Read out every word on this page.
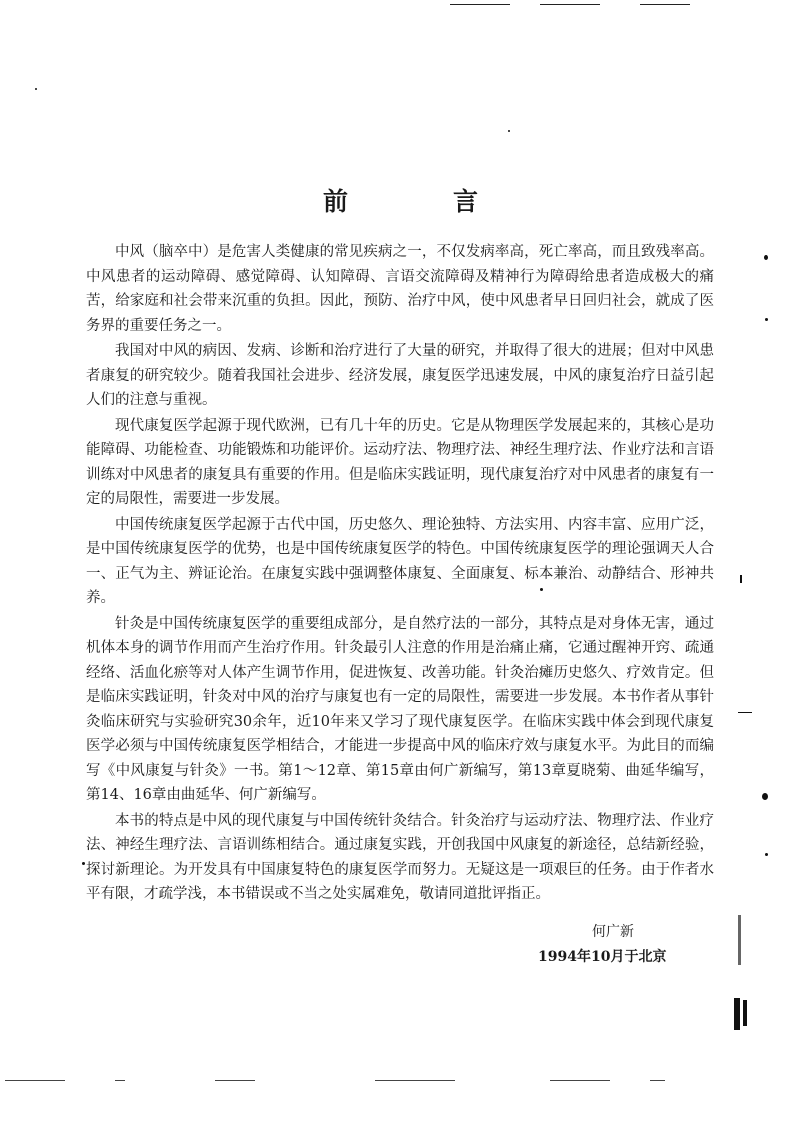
前　言

中风（脑卒中）是危害人类健康的常见疾病之一，不仅发病率高，死亡率高，而且致残率高。中风患者的运动障碍、感觉障碍、认知障碍、言语交流障碍及精神行为障碍给患者造成极大的痛苦，给家庭和社会带来沉重的负担。因此，预防、治疗中风，使中风患者早日回归社会，就成了医务界的重要任务之一。

我国对中风的病因、发病、诊断和治疗进行了大量的研究，并取得了很大的进展；但对中风患者康复的研究较少。随着我国社会进步、经济发展，康复医学迅速发展，中风的康复治疗日益引起人们的注意与重视。

现代康复医学起源于现代欧洲，已有几十年的历史。它是从物理医学发展起来的，其核心是功能障碍、功能检查、功能锻炼和功能评价。运动疗法、物理疗法、神经生理疗法、作业疗法和言语训练对中风患者的康复具有重要的作用。但是临床实践证明，现代康复治疗对中风患者的康复有一定的局限性，需要进一步发展。

中国传统康复医学起源于古代中国，历史悠久、理论独特、方法实用、内容丰富、应用广泛，是中国传统康复医学的优势，也是中国传统康复医学的特色。中国传统康复医学的理论强调天人合一、正气为主、辨证论治。在康复实践中强调整体康复、全面康复、标本兼治、动静结合、形神共养。

针灸是中国传统康复医学的重要组成部分，是自然疗法的一部分，其特点是对身体无害，通过机体本身的调节作用而产生治疗作用。针灸最引人注意的作用是治痛止痛，它通过醒神开窍、疏通经络、活血化瘀等对人体产生调节作用，促进恢复、改善功能。针灸治瘫历史悠久、疗效肯定。但是临床实践证明，针灸对中风的治疗与康复也有一定的局限性，需要进一步发展。本书作者从事针灸临床研究与实验研究30余年，近10年来又学习了现代康复医学。在临床实践中体会到现代康复医学必须与中国传统康复医学相结合，才能进一步提高中风的临床疗效与康复水平。为此目的而编写《中风康复与针灸》一书。第1～12章、第15章由何广新编写，第13章夏晓菊、曲延华编写，第14、16章由曲延华、何广新编写。

本书的特点是中风的现代康复与中国传统针灸结合。针灸治疗与运动疗法、物理疗法、作业疗法、神经生理疗法、言语训练相结合。通过康复实践，开创我国中风康复的新途径，总结新经验，探讨新理论。为开发具有中国康复特色的康复医学而努力。无疑这是一项艰巨的任务。由于作者水平有限，才疏学浅，本书错误或不当之处实属难免，敬请同道批评指正。

何广新
1994年10月于北京
